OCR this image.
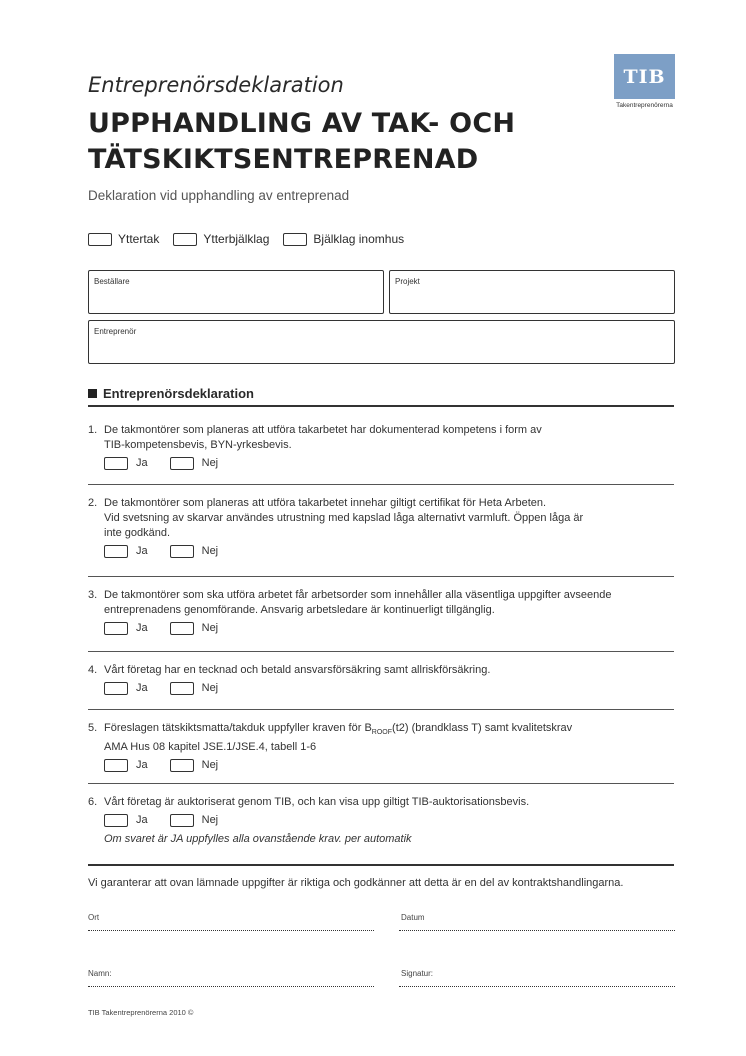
TIB
Takentreprenörerna
Entreprenörsdeklaration
UPPHANDLING AV TAK- OCH
TÄTSKIKTSENTREPRENAD
Deklaration vid upphandling av entreprenad
Yttertak	Ytterbjälklag	Bjälklag inomhus
Beställare	Projekt
Entreprenör
Entreprenörsdeklaration
1. De takmontörer som planeras att utföra takarbetet har dokumenterad kompetens i form av
TIB-kompetensbevis, BYN-yrkesbevis.
Ja	Nej
2. De takmontörer som planeras att utföra takarbetet innehar giltigt certifikat för Heta Arbeten.
Vid svetsning av skarvar användes utrustning med kapslad låga alternativt varmluft. Öppen låga är
inte godkänd.
Ja	Nej
3. De takmontörer som ska utföra arbetet får arbetsorder som innehåller alla väsentliga uppgifter avseende
entreprenadens genomförande. Ansvarig arbetsledare är kontinuerligt tillgänglig.
Ja	Nej
4. Vårt företag har en tecknad och betald ansvarsförsäkring samt allriskförsäkring.
Ja	Nej
5. Föreslagen tätskiktsmatta/takduk uppfyller kraven för $B_{ROOF}(t2)$ (brandklass T) samt kvalitetskrav
AMA Hus 08 kapitel JSE.1/JSE.4, tabell 1-6
Ja	Nej
6. Vårt företag är auktoriserat genom TIB, och kan visa upp giltigt TIB-auktorisationsbevis.
Ja	Nej
Om svaret är JA uppfylles alla ovanstående krav. per automatik
Vi garanterar att ovan lämnade uppgifter är riktiga och godkänner att detta är en del av kontraktshandlingarna.
Ort	Datum
Namn:	Signatur:
TIB Takentreprenörerna 2010 ©
